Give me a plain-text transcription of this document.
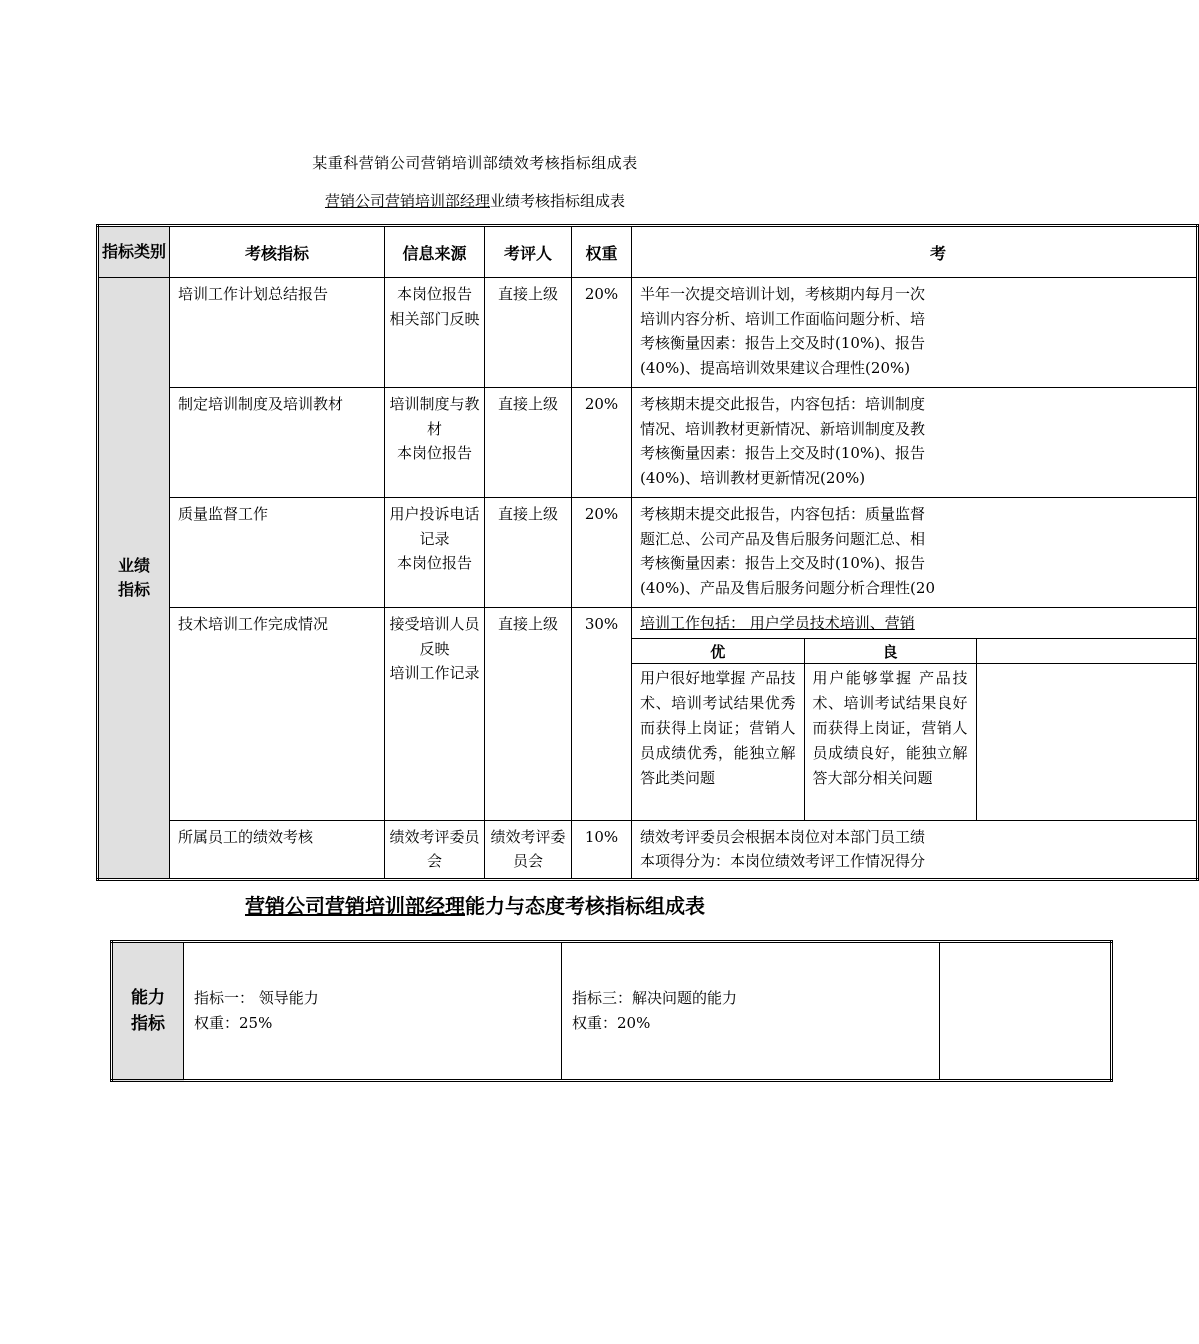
某重科营销公司营销培训部绩效考核指标组成表
营销公司营销培训部经理业绩考核指标组成表
指标类别	考核指标	信息来源	考评人	权重	考

业绩指标
	培训工作计划总结报告	本岗位报告
相关部门反映	直接上级	20%	半年一次提交培训计划，考核期内每月一次
培训内容分析、培训工作面临问题分析、培
考核衡量因素：报告上交及时(10%)、报告
(40%)、提高培训效果建议合理性(20%)

制定培训制度及培训教材	培训制度与教材
本岗位报告	直接上级	20%	考核期末提交此报告，内容包括：培训制度
情况、培训教材更新情况、新培训制度及教
考核衡量因素：报告上交及时(10%)、报告
(40%)、培训教材更新情况(20%)

质量监督工作	用户投诉电话记录
本岗位报告	直接上级	20%	考核期末提交此报告，内容包括：质量监督
题汇总、公司产品及售后服务问题汇总、相
考核衡量因素：报告上交及时(10%)、报告
(40%)、产品及售后服务问题分析合理性(20

技术培训工作完成情况	接受培训人员反映
培训工作记录	直接上级	30%	培训工作包括： 用户学员技术培训、营销
优	良	
用户很好地掌握 产品技术、培训考试结果优秀而获得上岗证；营销人员成绩优秀，能独立解答此类问题	用户能够掌握 产品技术、培训考试结果良好而获得上岗证，营销人员成绩良好，能独立解答大部分相关问题	

所属员工的绩效考核	绩效考评委员会	绩效考评委员会	10%	绩效考评委员会根据本岗位对本部门员工绩
本项得分为：本岗位绩效考评工作情况得分
营销公司营销培训部经理能力与态度考核指标组成表
能力指标

指标一： 领导能力
权重：25%

指标三：解决问题的能力
权重：20%
